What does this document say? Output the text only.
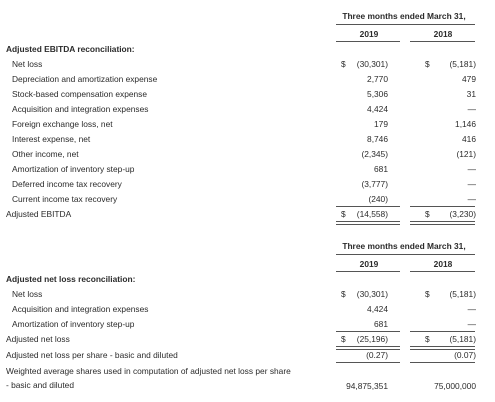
Three months ended March 31,
2019	2018
Adjusted EBITDA reconciliation:
Net loss	$ (30,301)	$ (5,181)
Depreciation and amortization expense	2,770	479
Stock-based compensation expense	5,306	31
Acquisition and integration expenses	4,424	—
Foreign exchange loss, net	179	1,146
Interest expense, net	8,746	416
Other income, net	(2,345)	(121)
Amortization of inventory step-up	681	—
Deferred income tax recovery	(3,777)	—
Current income tax recovery	(240)	—
Adjusted EBITDA	$ (14,558)	$ (3,230)
Three months ended March 31,
2019	2018
Adjusted net loss reconciliation:
Net loss	$ (30,301)	$ (5,181)
Acquisition and integration expenses	4,424	—
Amortization of inventory step-up	681	—
Adjusted net loss	$ (25,196)	$ (5,181)
Adjusted net loss per share - basic and diluted	(0.27)	(0.07)
Weighted average shares used in computation of adjusted net loss per share
- basic and diluted	94,875,351	75,000,000
